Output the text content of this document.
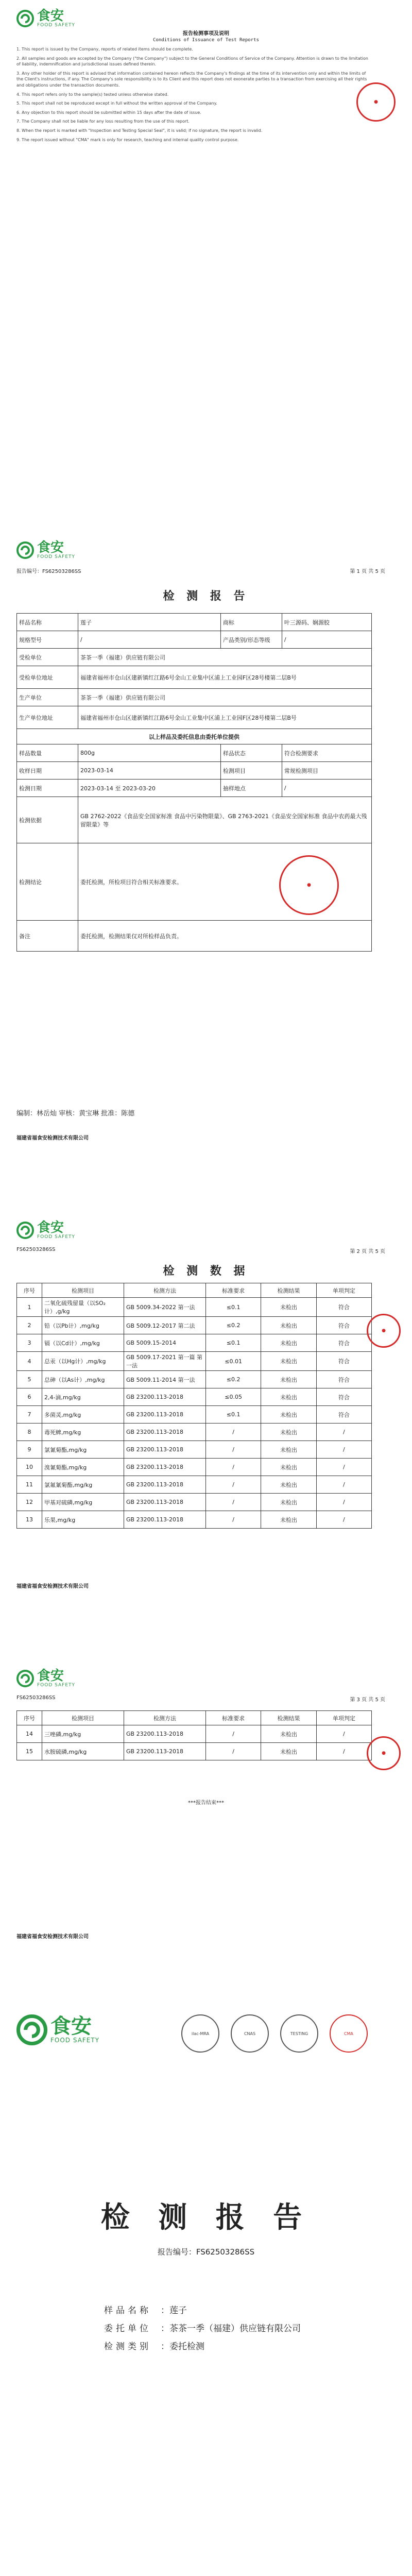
食安
FOOD SAFETY
报告检测事项及说明
Conditions of Issuance of Test Reports

1. This report is issued by the Company, reports of related items should be complete.

2. All samples and goods are accepted by the Company ("the Company") subject to the General Conditions of Service of the Company. Attention is drawn to the limitation of liability, indemnification and jurisdictional issues defined therein.

3. Any other holder of this report is advised that information contained hereon reflects the Company's findings at the time of its intervention only and within the limits of the Client's instructions, if any. The Company's sole responsibility is to its Client and this report does not exonerate parties to a transaction from exercising all their rights and obligations under the transaction documents.

4. This report refers only to the sample(s) tested unless otherwise stated.

5. This report shall not be reproduced except in full without the written approval of the Company.

6. Any objection to this report should be submitted within 15 days after the date of issue.

7. The Company shall not be liable for any loss resulting from the use of this report.

8. When the report is marked with "Inspection and Testing Special Seal", it is valid; if no signature, the report is invalid.

9. The report issued without "CMA" mark is only for research, teaching and internal quality control purpose.

●
食安
FOOD SAFETY
报告编号：FS62503286SS	第 1 页 共 5 页
检 测 报 告
样品名称	莲子	商标	叶三源码、娴源胶
规格型号	/	产品类别/形态等级	/
受检单位	茶茶一季（福建）供应链有限公司		
受检单位地址	福建省福州市仓山区建新镇红江路6号金山工业集中区浦上工业园F区28号楼第二层B号		
生产单位	茶茶一季（福建）供应链有限公司		
生产单位地址	福建省福州市仓山区建新镇红江路6号金山工业集中区浦上工业园F区28号楼第二层B号		
以上样品及委托信息由委托单位提供			
样品数量	800g	样品状态	符合检测要求
收样日期	2023-03-14	检测项目	常规检测项目
检测日期	2023-03-14 至 2023-03-20	抽样地点	/
检测依据	GB 2762-2022《食品安全国家标准 食品中污染物限量》、GB 2763-2021《食品安全国家标准 食品中农药最大残留限量》等		
检测结论	委托检测，所检项目符合相关标准要求。		
备注	委托检测，检测结果仅对所检样品负责。		
●
编制：林岳灿 审核：黄宝琳 批准：陈德
福建省福食安检测技术有限公司
食安
FOOD SAFETY
FS62503286SS	第 2 页 共 5 页
检 测 数 据
序号	检测项目	检测方法	标准要求	检测结果	单项判定
1	二氧化硫残留量（以SO₂计）,g/kg	GB 5009.34-2022 第一法	≤0.1	未检出	符合
2	铅（以Pb计）,mg/kg	GB 5009.12-2017 第二法	≤0.2	未检出	符合
3	镉（以Cd计）,mg/kg	GB 5009.15-2014	≤0.1	未检出	符合
4	总汞（以Hg计）,mg/kg	GB 5009.17-2021 第一篇 第一法	≤0.01	未检出	符合
5	总砷（以As计）,mg/kg	GB 5009.11-2014 第一法	≤0.2	未检出	符合
6	2,4-滴,mg/kg	GB 23200.113-2018	≤0.05	未检出	符合
7	多菌灵,mg/kg	GB 23200.113-2018	≤0.1	未检出	符合
8	毒死蜱,mg/kg	GB 23200.113-2018	/	未检出	/
9	氯氰菊酯,mg/kg	GB 23200.113-2018	/	未检出	/
10	溴氰菊酯,mg/kg	GB 23200.113-2018	/	未检出	/
11	氯氟氰菊酯,mg/kg	GB 23200.113-2018	/	未检出	/
12	甲基对硫磷,mg/kg	GB 23200.113-2018	/	未检出	/
13	乐果,mg/kg	GB 23200.113-2018	/	未检出	/
●
福建省福食安检测技术有限公司
食安
FOOD SAFETY
FS62503286SS	第 3 页 共 5 页
序号	检测项目	检测方法	标准要求	检测结果	单项判定
14	三唑磷,mg/kg	GB 23200.113-2018	/	未检出	/
15	水胺硫磷,mg/kg	GB 23200.113-2018	/	未检出	/
***报告结束***
●
福建省福食安检测技术有限公司
食安
FOOD SAFETY
ilac-MRA	CNAS	TESTING	CMA
检 测 报 告
报告编号：FS62503286SS
样品名称 ：莲子
委托单位 ：茶茶一季（福建）供应链有限公司
检测类别 ：委托检测
